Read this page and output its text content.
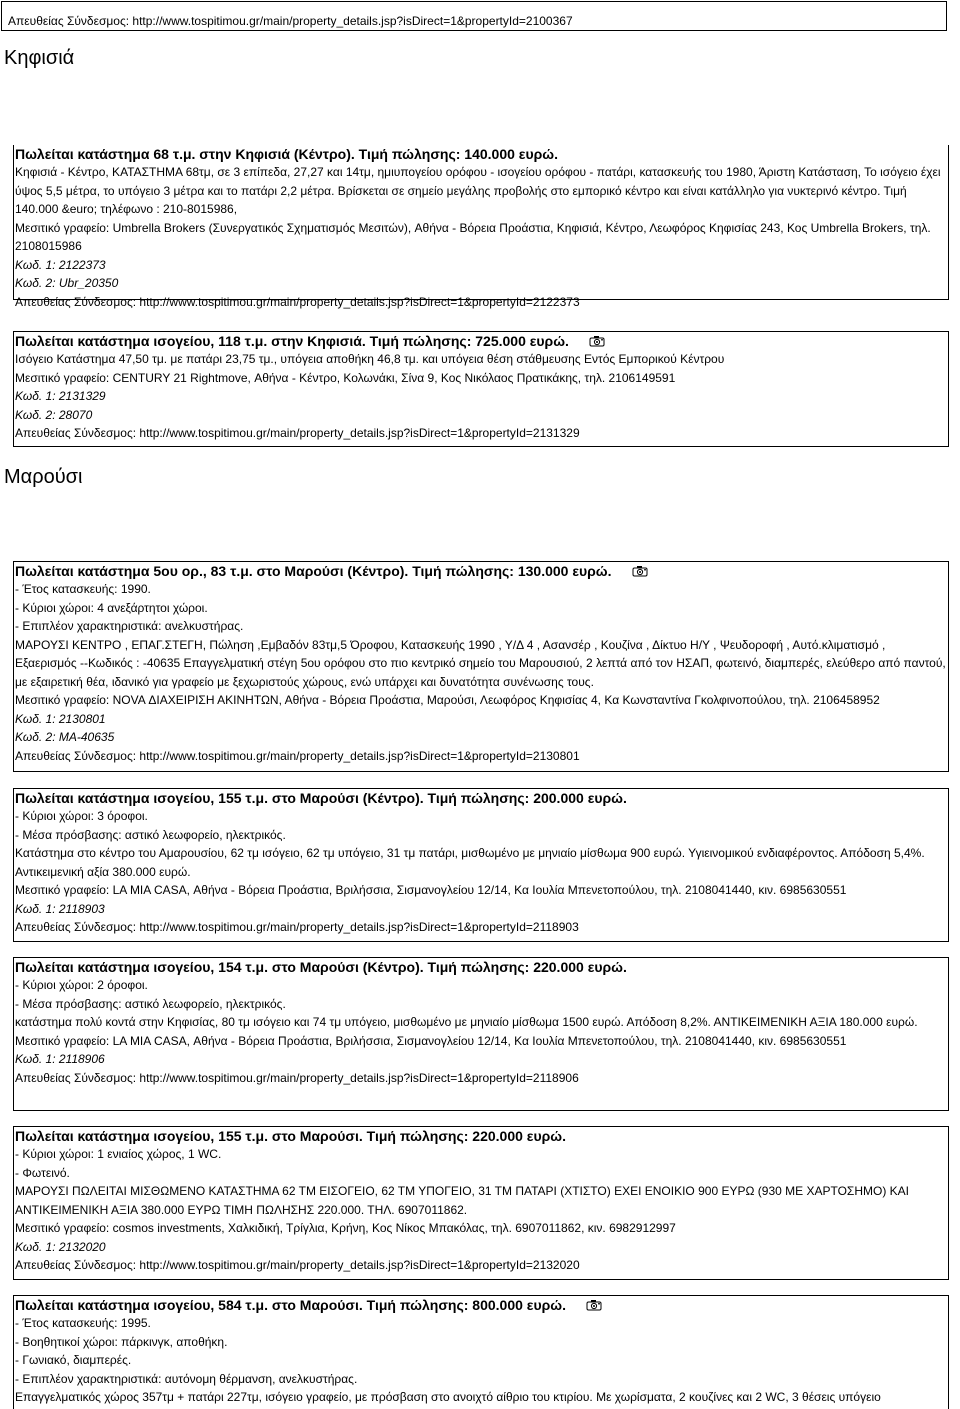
Απευθείας Σύνδεσμος: http://www.tospitimou.gr/main/property_details.jsp?isDirect=1&propertyId=2100367
Κηφισιά
Πωλείται κατάστημα 68 τ.μ. στην Κηφισιά (Κέντρο). Τιμή πώλησης: 140.000 ευρώ.
Κηφισιά - Κέντρο, ΚΑΤΑΣΤΗΜΑ 68τμ, σε 3 επίπεδα, 27,27 και 14τμ, ημιυπογείου ορόφου - ισογείου ορόφου - πατάρι, κατασκευής του 1980, Άριστη Κατάσταση, Το ισόγειο έχει ύψος 5,5 μέτρα, το υπόγειο 3 μέτρα και το πατάρι 2,2 μέτρα. Βρίσκεται σε σημείο μεγάλης προβολής στο εμπορικό κέντρο και είναι κατάλληλο για νυκτερινό κέντρο. Τιμή 140.000 &euro; τηλέφωνο : 210-8015986,
Μεσιτικό γραφείο: Umbrella Brokers (Συνεργατικός Σχηματισμός Μεσιτών), Αθήνα - Βόρεια Προάστια, Κηφισιά, Κέντρο, Λεωφόρος Κηφισίας 243, Κος Umbrella Brokers, τηλ. 2108015986
Κωδ. 1: 2122373
Κωδ. 2: Ubr_20350
Απευθείας Σύνδεσμος: http://www.tospitimou.gr/main/property_details.jsp?isDirect=1&propertyId=2122373
Πωλείται κατάστημα ισογείου, 118 τ.μ. στην Κηφισιά. Τιμή πώλησης: 725.000 ευρώ.
Ισόγειο Κατάστημα 47,50 τμ. με πατάρι 23,75 τμ., υπόγεια αποθήκη 46,8 τμ. και υπόγεια θέση στάθμευσης Εντός Εμπορικού Κέντρου
Μεσιτικό γραφείο: CENTURY 21 Rightmove, Αθήνα - Κέντρο, Κολωνάκι, Σίνα 9, Κος Νικόλαος Πρατικάκης, τηλ. 2106149591
Κωδ. 1: 2131329
Κωδ. 2: 28070
Απευθείας Σύνδεσμος: http://www.tospitimou.gr/main/property_details.jsp?isDirect=1&propertyId=2131329
Μαρούσι
Πωλείται κατάστημα 5ου ορ., 83 τ.μ. στο Μαρούσι (Κέντρο). Τιμή πώλησης: 130.000 ευρώ.
- Έτος κατασκευής: 1990.
- Κύριοι χώροι: 4 ανεξάρτητοι χώροι.
- Επιπλέον χαρακτηριστικά: ανελκυστήρας.
ΜΑΡΟΥΣΙ ΚΕΝΤΡΟ , ΕΠΑΓ.ΣΤΕΓΗ, Πώληση ,Εμβαδόν 83τμ,5 Όροφου, Κατασκευής 1990 , Υ/Δ 4 , Ασανσέρ , Κουζίνα , Δίκτυο Η/Υ , Ψευδοροφή , Αυτό.κλιματισμό , Εξαερισμός --Κωδικός : -40635 Επαγγελματική στέγη 5ου ορόφου στο πιο κεντρικό σημείο του Μαρουσιού, 2 λεπτά από τον ΗΣΑΠ, φωτεινό, διαμπερές, ελεύθερο από παντού, με εξαιρετική θέα, ιδανικό για γραφείο με ξεχωριστούς χώρους, ενώ υπάρχει και δυνατότητα συνένωσης τους.
Μεσιτικό γραφείο: NOVA ΔΙΑΧΕΙΡΙΣΗ ΑΚΙΝΗΤΩΝ, Αθήνα - Βόρεια Προάστια, Μαρούσι, Λεωφόρος Κηφισίας 4, Κα Κωνσταντίνα Γκολφινοπούλου, τηλ. 2106458952
Κωδ. 1: 2130801
Κωδ. 2: MA-40635
Απευθείας Σύνδεσμος: http://www.tospitimou.gr/main/property_details.jsp?isDirect=1&propertyId=2130801
Πωλείται κατάστημα ισογείου, 155 τ.μ. στο Μαρούσι (Κέντρο). Τιμή πώλησης: 200.000 ευρώ.
- Κύριοι χώροι: 3 όροφοι.
- Μέσα πρόσβασης: αστικό λεωφορείο, ηλεκτρικός.
Κατάστημα στο κέντρο του Αμαρουσίου, 62 τμ ισόγειο, 62 τμ υπόγειο, 31 τμ πατάρι, μισθωμένο με μηνιαίο μίσθωμα 900 ευρώ. Υγιεινομικού ενδιαφέροντος. Απόδοση 5,4%. Αντικειμενική αξία 380.000 ευρώ.
Μεσιτικό γραφείο: LA MIA CASA, Αθήνα - Βόρεια Προάστια, Βριλήσσια, Σισμανογλείου 12/14, Κα Ιουλία Μπενετοπούλου, τηλ. 2108041440, κιν. 6985630551
Κωδ. 1: 2118903
Απευθείας Σύνδεσμος: http://www.tospitimou.gr/main/property_details.jsp?isDirect=1&propertyId=2118903
Πωλείται κατάστημα ισογείου, 154 τ.μ. στο Μαρούσι (Κέντρο). Τιμή πώλησης: 220.000 ευρώ.
- Κύριοι χώροι: 2 όροφοι.
- Μέσα πρόσβασης: αστικό λεωφορείο, ηλεκτρικός.
κατάστημα πολύ κοντά στην Κηφισίας, 80 τμ ισόγειο και 74 τμ υπόγειο, μισθωμένο με μηνιαίο μίσθωμα 1500 ευρώ. Απόδοση 8,2%. ΑΝΤΙΚΕΙΜΕΝΙΚΗ ΑΞΙΑ 180.000 ευρώ.
Μεσιτικό γραφείο: LA MIA CASA, Αθήνα - Βόρεια Προάστια, Βριλήσσια, Σισμανογλείου 12/14, Κα Ιουλία Μπενετοπούλου, τηλ. 2108041440, κιν. 6985630551
Κωδ. 1: 2118906
Απευθείας Σύνδεσμος: http://www.tospitimou.gr/main/property_details.jsp?isDirect=1&propertyId=2118906
Πωλείται κατάστημα ισογείου, 155 τ.μ. στο Μαρούσι. Τιμή πώλησης: 220.000 ευρώ.
- Κύριοι χώροι: 1 ενιαίος χώρος, 1 WC.
- Φωτεινό.
ΜΑΡΟΥΣΙ ΠΩΛΕΙΤΑΙ ΜΙΣΘΩΜΕΝΟ ΚΑΤΑΣΤΗΜΑ 62 ΤΜ ΕΙΣΟΓΕΙΟ, 62 ΤΜ ΥΠΟΓΕΙΟ, 31 ΤΜ ΠΑΤΑΡΙ (ΧΤΙΣΤΟ) ΕΧΕΙ ΕΝΟΙΚΙΟ 900 ΕΥΡΩ (930 ΜΕ ΧΑΡΤΟΣΗΜΟ) ΚΑΙ ΑΝΤΙΚΕΙΜΕΝΙΚΗ ΑΞΙΑ 380.000 ΕΥΡΩ ΤΙΜΗ ΠΩΛΗΣΗΣ 220.000. ΤΗΛ. 6907011862.
Μεσιτικό γραφείο: cosmos investments, Χαλκιδική, Τρίγλια, Κρήνη, Κος Νίκος Μπακόλας, τηλ. 6907011862, κιν. 6982912997
Κωδ. 1: 2132020
Απευθείας Σύνδεσμος: http://www.tospitimou.gr/main/property_details.jsp?isDirect=1&propertyId=2132020
Πωλείται κατάστημα ισογείου, 584 τ.μ. στο Μαρούσι. Τιμή πώλησης: 800.000 ευρώ.
- Έτος κατασκευής: 1995.
- Βοηθητικοί χώροι: πάρκινγκ, αποθήκη.
- Γωνιακό, διαμπερές.
- Επιπλέον χαρακτηριστικά: αυτόνομη θέρμανση, ανελκυστήρας.
Επαγγελματικός χώρος 357τμ + πατάρι 227τμ, ισόγειο γραφείο, με πρόσβαση στο ανοιχτό αίθριο του κτιρίου. Με χωρίσματα, 2 κουζίνες και 2 WC, 3 θέσεις υπόγειο
